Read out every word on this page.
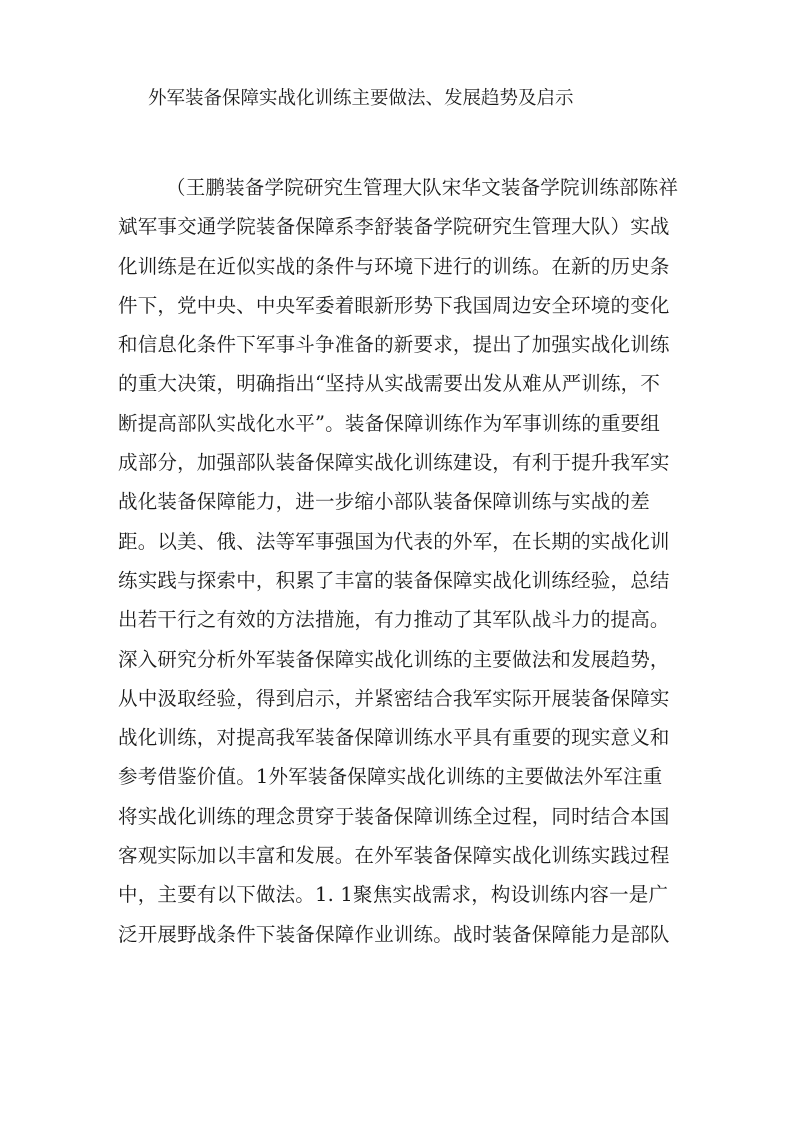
外军装备保障实战化训练主要做法、发展趋势及启示
（王鹏装备学院研究生管理大队宋华文装备学院训练部陈祥
斌军事交通学院装备保障系李舒装备学院研究生管理大队）实战
化训练是在近似实战的条件与环境下进行的训练。在新的历史条
件下，党中央、中央军委着眼新形势下我国周边安全环境的变化
和信息化条件下军事斗争准备的新要求，提出了加强实战化训练
的重大决策，明确指出“坚持从实战需要出发从难从严训练，不
断提高部队实战化水平”。装备保障训练作为军事训练的重要组
成部分，加强部队装备保障实战化训练建设，有利于提升我军实
战化装备保障能力，进一步缩小部队装备保障训练与实战的差
距。以美、俄、法等军事强国为代表的外军，在长期的实战化训
练实践与探索中，积累了丰富的装备保障实战化训练经验，总结
出若干行之有效的方法措施，有力推动了其军队战斗力的提高。
深入研究分析外军装备保障实战化训练的主要做法和发展趋势，
从中汲取经验，得到启示，并紧密结合我军实际开展装备保障实
战化训练，对提高我军装备保障训练水平具有重要的现实意义和
参考借鉴价值。1外军装备保障实战化训练的主要做法外军注重
将实战化训练的理念贯穿于装备保障训练全过程，同时结合本国
客观实际加以丰富和发展。在外军装备保障实战化训练实践过程
中，主要有以下做法。1. 1聚焦实战需求，构设训练内容一是广
泛开展野战条件下装备保障作业训练。战时装备保障能力是部队
